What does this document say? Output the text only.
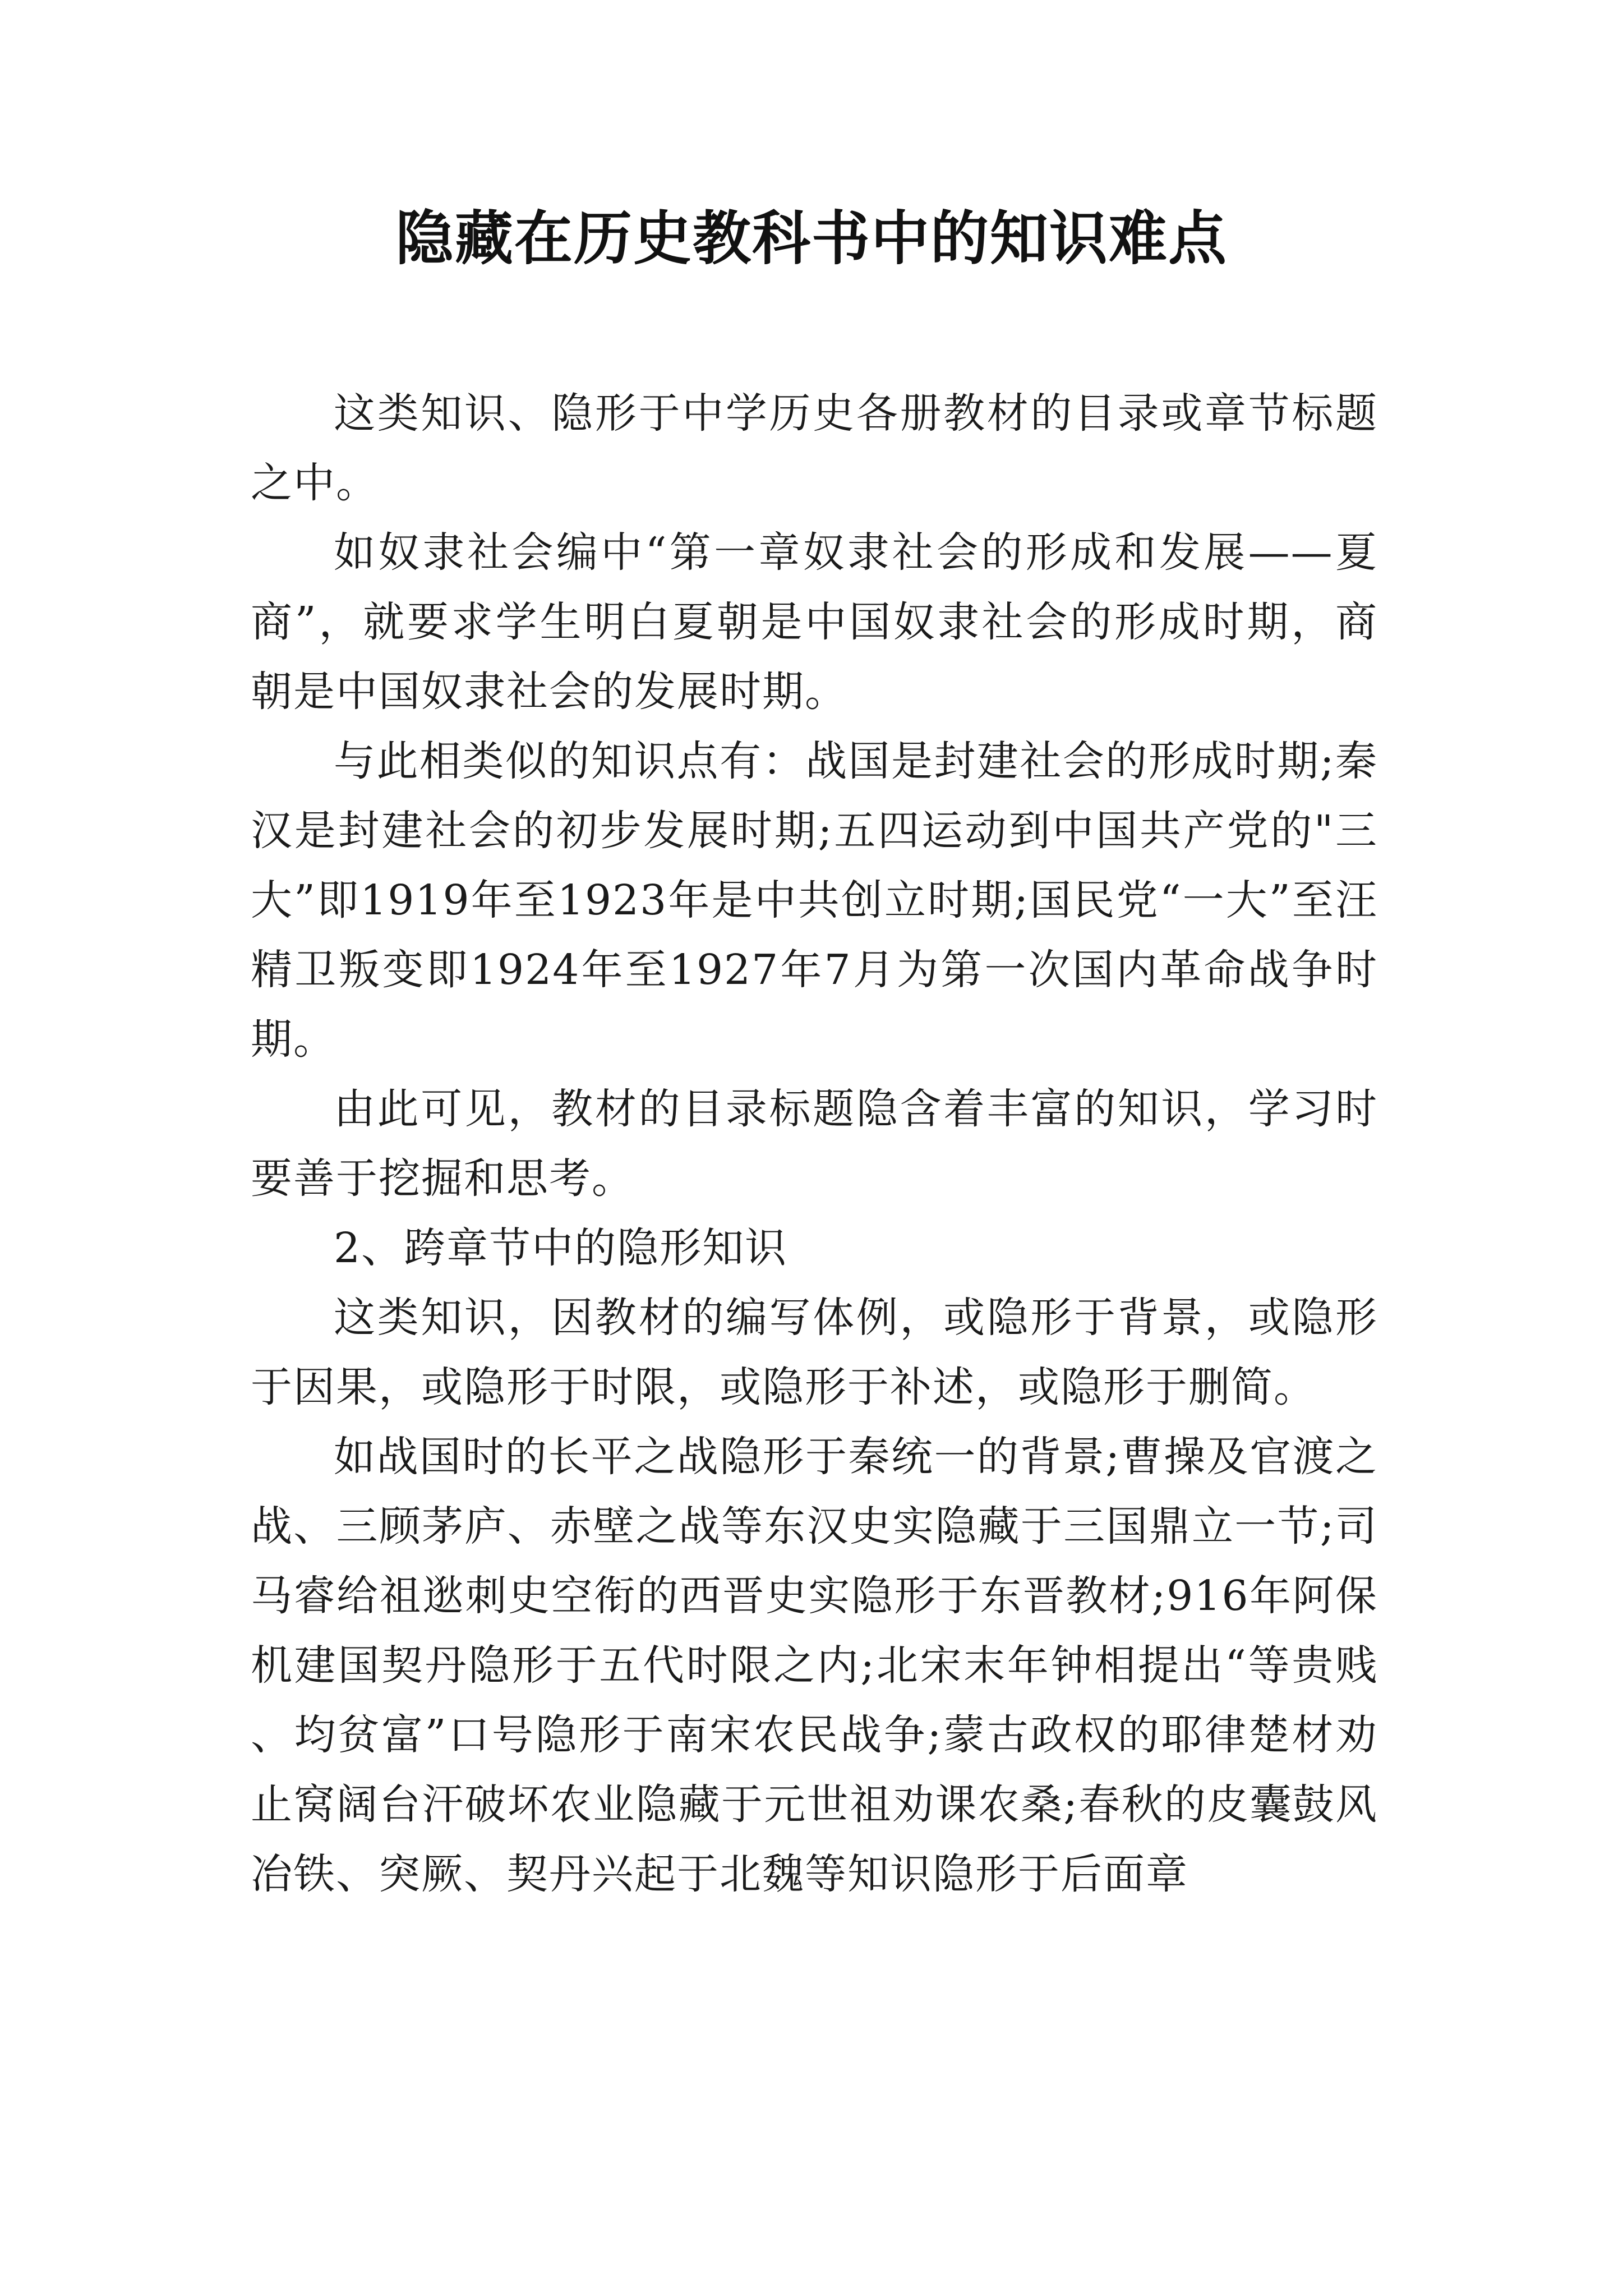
隐藏在历史教科书中的知识难点

这类知识、隐形于中学历史各册教材的目录或章节标题之中。

如奴隶社会编中“第一章奴隶社会的形成和发展——夏商”，就要求学生明白夏朝是中国奴隶社会的形成时期，商朝是中国奴隶社会的发展时期。

与此相类似的知识点有：战国是封建社会的形成时期;秦汉是封建社会的初步发展时期;五四运动到中国共产党的"三大”即1919年至1923年是中共创立时期;国民党“一大”至汪精卫叛变即1924年至1927年7月为第一次国内革命战争时期。

由此可见，教材的目录标题隐含着丰富的知识，学习时要善于挖掘和思考。

2、跨章节中的隐形知识

这类知识，因教材的编写体例，或隐形于背景，或隐形于因果，或隐形于时限，或隐形于补述，或隐形于删简。

如战国时的长平之战隐形于秦统一的背景;曹操及官渡之战、三顾茅庐、赤壁之战等东汉史实隐藏于三国鼎立一节;司马睿给祖逖刺史空衔的西晋史实隐形于东晋教材;916年阿保机建国契丹隐形于五代时限之内;北宋末年钟相提出“等贵贱、均贫富”口号隐形于南宋农民战争;蒙古政权的耶律楚材劝止窝阔台汗破坏农业隐藏于元世祖劝课农桑;春秋的皮囊鼓风冶铁、突厥、契丹兴起于北魏等知识隐形于后面章
